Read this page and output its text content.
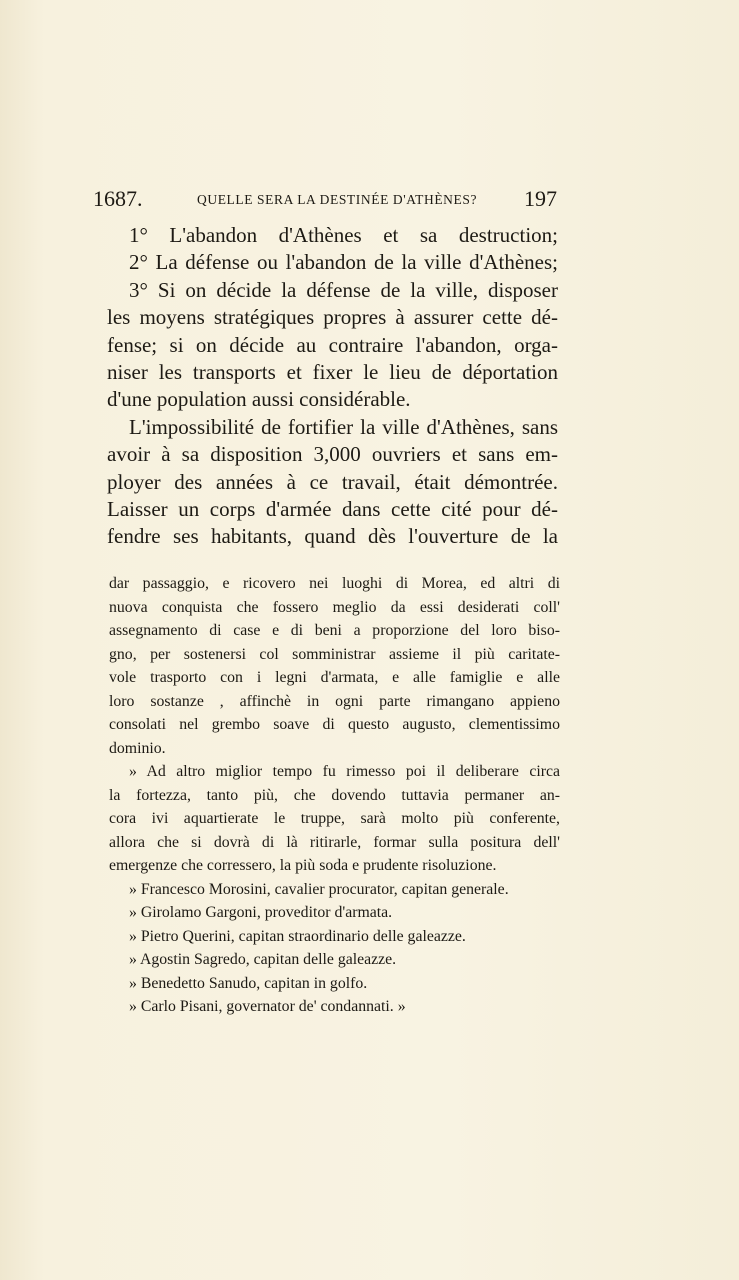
1687.	QUELLE SERA LA DESTINÉE D'ATHÈNES? 197
1° L'abandon d'Athènes et sa destruction;
2° La défense ou l'abandon de la ville d'Athènes;
3° Si on décide la défense de la ville, disposer
les moyens stratégiques propres à assurer cette dé-
fense; si on décide au contraire l'abandon, orga-
niser les transports et fixer le lieu de déportation
d'une population aussi considérable.
L'impossibilité de fortifier la ville d'Athènes, sans
avoir à sa disposition 3,000 ouvriers et sans em-
ployer des années à ce travail, était démontrée.
Laisser un corps d'armée dans cette cité pour dé-
fendre ses habitants, quand dès l'ouverture de la
dar passaggio, e ricovero nei luoghi di Morea, ed altri di
nuova conquista che fossero meglio da essi desiderati coll'
assegnamento di case e di beni a proporzione del loro biso-
gno, per sostenersi col somministrar assieme il più caritate-
vole trasporto con i legni d'armata, e alle famiglie e alle
loro sostanze , affinchè in ogni parte rimangano appieno
consolati nel grembo soave di questo augusto, clementissimo
dominio.
» Ad altro miglior tempo fu rimesso poi il deliberare circa
la fortezza, tanto più, che dovendo tuttavia permaner an-
cora ivi aquartierate le truppe, sarà molto più conferente,
allora che si dovrà di là ritirarle, formar sulla positura dell'
emergenze che corressero, la più soda e prudente risoluzione.
» Francesco Morosini, cavalier procurator, capitan generale.
» Girolamo Gargoni, proveditor d'armata.
» Pietro Querini, capitan straordinario delle galeazze.
» Agostin Sagredo, capitan delle galeazze.
» Benedetto Sanudo, capitan in golfo.
» Carlo Pisani, governator de' condannati. »
